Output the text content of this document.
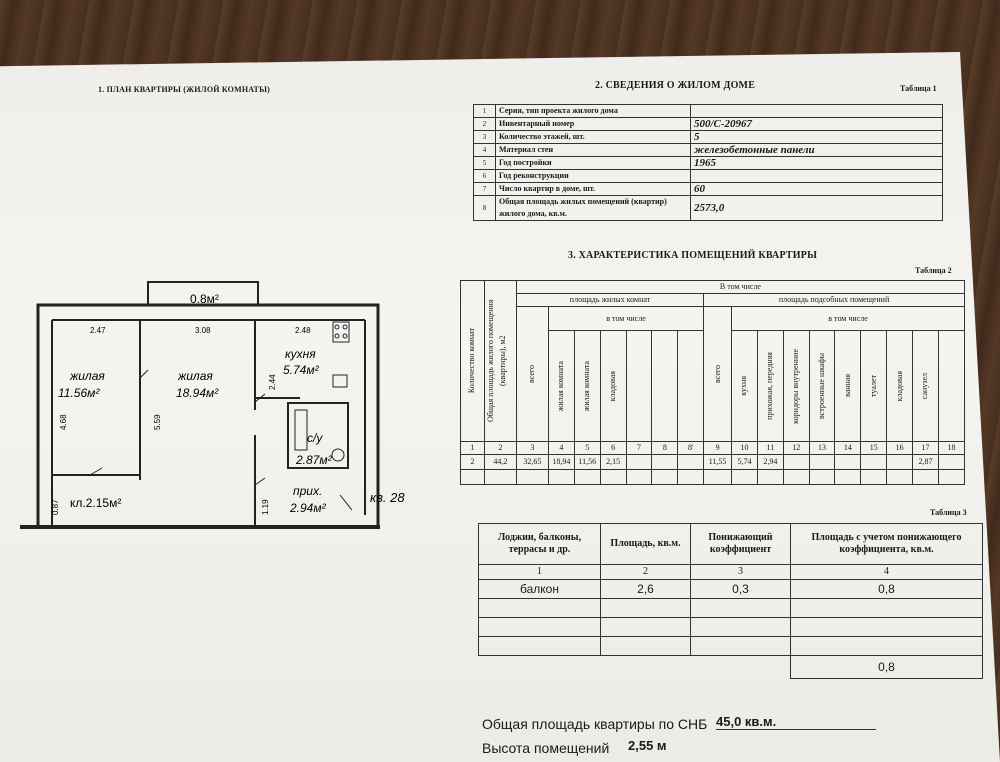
1. ПЛАН КВАРТИРЫ (ЖИЛОЙ КОМНАТЫ)
0.8м²
жилая
11.56м²
жилая
18.94м²
кухня
5.74м²
с/у
2.87м²
прих.
2.94м²
кл.2.15м²	кв. 28
2.47	3.08	2.48
4.68	5.59
2.44
0.87	1.19
2. СВЕДЕНИЯ О ЖИЛОМ ДОМЕ	Таблица 1
1	Серия, тип проекта жилого дома	
2	Инвентарный номер	500/С-20967
3	Количество этажей, шт.	5
4	Материал стен	железобетонные панели
5	Год постройки	1965
6	Год реконструкции	
7	Число квартир в доме, шт.	60
8	Общая площадь жилых помещений (квартир) жилого дома, кв.м.	2573,0
3. ХАРАКТЕРИСТИКА ПОМЕЩЕНИЙ КВАРТИРЫ
Таблица 2
Количество комнат	Общая площадь жилого помещения (квартиры), м2	В том числе																
		площадь жилых комнат							площадь подсобных помещений									

		всего	в том числе						всего	в том числе								

			жилая комната	жилая комната	кладовая					кухня	прихожая, передняя	коридоры внутренние	встроенные шкафы	ванная	туалет	кладовая	санузел	

1	2	3	4	5	6	7	8	8'	9	10	11	12	13	14	15	16	17	18
2	44,2	32,65	18,94	11,56	2,15				11,55	5,74	2,94						2,87	

Таблица 3
Лоджии, балконы, террасы и др.	Площадь, кв.м.	Понижающий коэффициент	Площадь с учетом понижающего коэффициента, кв.м.
1	2	3	4
балкон	2,6	0,3	0,8

			0,8
Общая площадь квартиры по СНБ 45,0 кв.м.
Высота помещений 2,55 м
